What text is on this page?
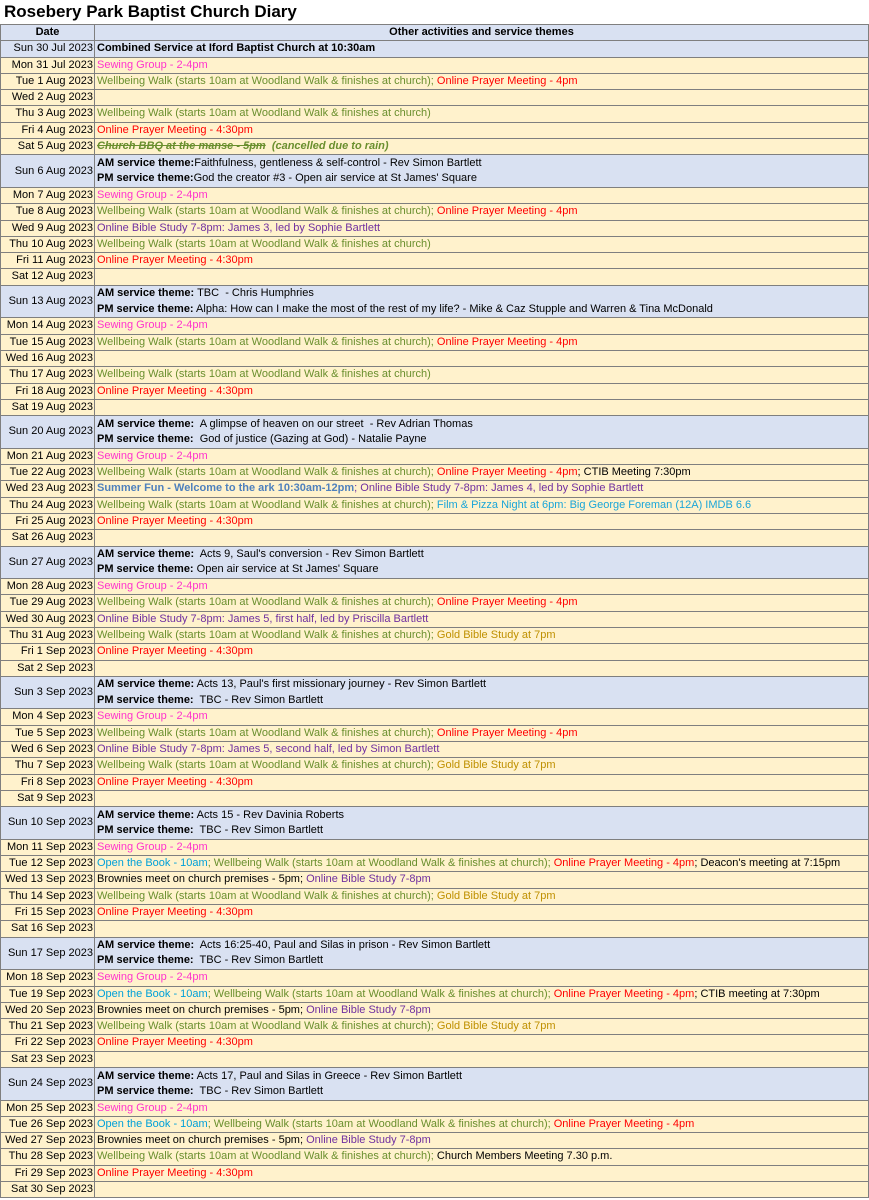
Rosebery Park Baptist Church Diary
Date	Other activities and service themes
Sun 30 Jul 2023	Combined Service at Iford Baptist Church at 10:30am
Mon 31 Jul 2023	Sewing Group - 2-4pm
Tue 1 Aug 2023	Wellbeing Walk (starts 10am at Woodland Walk & finishes at church); Online Prayer Meeting - 4pm
Wed 2 Aug 2023	
Thu 3 Aug 2023	Wellbeing Walk (starts 10am at Woodland Walk & finishes at church)
Fri 4 Aug 2023	Online Prayer Meeting - 4:30pm
Sat 5 Aug 2023	Church BBQ at the manse - 5pm  (cancelled due to rain)
Sun 6 Aug 2023	AM service theme:Faithfulness, gentleness & self-control - Rev Simon Bartlett
PM service theme:God the creator #3 - Open air service at St James' Square

Mon 7 Aug 2023	Sewing Group - 2-4pm
Tue 8 Aug 2023	Wellbeing Walk (starts 10am at Woodland Walk & finishes at church); Online Prayer Meeting - 4pm
Wed 9 Aug 2023	Online Bible Study 7-8pm: James 3, led by Sophie Bartlett
Thu 10 Aug 2023	Wellbeing Walk (starts 10am at Woodland Walk & finishes at church)
Fri 11 Aug 2023	Online Prayer Meeting - 4:30pm
Sat 12 Aug 2023	
Sun 13 Aug 2023	AM service theme: TBC  - Chris Humphries
PM service theme: Alpha: How can I make the most of the rest of my life? - Mike & Caz Stupple and Warren & Tina McDonald

Mon 14 Aug 2023	Sewing Group - 2-4pm
Tue 15 Aug 2023	Wellbeing Walk (starts 10am at Woodland Walk & finishes at church); Online Prayer Meeting - 4pm
Wed 16 Aug 2023	
Thu 17 Aug 2023	Wellbeing Walk (starts 10am at Woodland Walk & finishes at church)
Fri 18 Aug 2023	Online Prayer Meeting - 4:30pm
Sat 19 Aug 2023	
Sun 20 Aug 2023	AM service theme:  A glimpse of heaven on our street  - Rev Adrian Thomas
PM service theme:  God of justice (Gazing at God) - Natalie Payne

Mon 21 Aug 2023	Sewing Group - 2-4pm
Tue 22 Aug 2023	Wellbeing Walk (starts 10am at Woodland Walk & finishes at church); Online Prayer Meeting - 4pm; CTIB Meeting 7:30pm
Wed 23 Aug 2023	Summer Fun - Welcome to the ark 10:30am-12pm; Online Bible Study 7-8pm: James 4, led by Sophie Bartlett
Thu 24 Aug 2023	Wellbeing Walk (starts 10am at Woodland Walk & finishes at church); Film & Pizza Night at 6pm: Big George Foreman (12A) IMDB 6.6
Fri 25 Aug 2023	Online Prayer Meeting - 4:30pm
Sat 26 Aug 2023	
Sun 27 Aug 2023	AM service theme:  Acts 9, Saul's conversion - Rev Simon Bartlett
PM service theme: Open air service at St James' Square

Mon 28 Aug 2023	Sewing Group - 2-4pm
Tue 29 Aug 2023	Wellbeing Walk (starts 10am at Woodland Walk & finishes at church); Online Prayer Meeting - 4pm
Wed 30 Aug 2023	Online Bible Study 7-8pm: James 5, first half, led by Priscilla Bartlett
Thu 31 Aug 2023	Wellbeing Walk (starts 10am at Woodland Walk & finishes at church); Gold Bible Study at 7pm
Fri 1 Sep 2023	Online Prayer Meeting - 4:30pm
Sat 2 Sep 2023	
Sun 3 Sep 2023	AM service theme: Acts 13, Paul's first missionary journey - Rev Simon Bartlett
PM service theme:  TBC - Rev Simon Bartlett

Mon 4 Sep 2023	Sewing Group - 2-4pm
Tue 5 Sep 2023	Wellbeing Walk (starts 10am at Woodland Walk & finishes at church); Online Prayer Meeting - 4pm
Wed 6 Sep 2023	Online Bible Study 7-8pm: James 5, second half, led by Simon Bartlett
Thu 7 Sep 2023	Wellbeing Walk (starts 10am at Woodland Walk & finishes at church); Gold Bible Study at 7pm
Fri 8 Sep 2023	Online Prayer Meeting - 4:30pm
Sat 9 Sep 2023	
Sun 10 Sep 2023	AM service theme: Acts 15 - Rev Davinia Roberts
PM service theme:  TBC - Rev Simon Bartlett

Mon 11 Sep 2023	Sewing Group - 2-4pm
Tue 12 Sep 2023	Open the Book - 10am; Wellbeing Walk (starts 10am at Woodland Walk & finishes at church); Online Prayer Meeting - 4pm; Deacon's meeting at 7:15pm
Wed 13 Sep 2023	Brownies meet on church premises - 5pm; Online Bible Study 7-8pm
Thu 14 Sep 2023	Wellbeing Walk (starts 10am at Woodland Walk & finishes at church); Gold Bible Study at 7pm
Fri 15 Sep 2023	Online Prayer Meeting - 4:30pm
Sat 16 Sep 2023	
Sun 17 Sep 2023	AM service theme:  Acts 16:25-40, Paul and Silas in prison - Rev Simon Bartlett
PM service theme:  TBC - Rev Simon Bartlett

Mon 18 Sep 2023	Sewing Group - 2-4pm
Tue 19 Sep 2023	Open the Book - 10am; Wellbeing Walk (starts 10am at Woodland Walk & finishes at church); Online Prayer Meeting - 4pm; CTIB meeting at 7:30pm
Wed 20 Sep 2023	Brownies meet on church premises - 5pm; Online Bible Study 7-8pm
Thu 21 Sep 2023	Wellbeing Walk (starts 10am at Woodland Walk & finishes at church); Gold Bible Study at 7pm
Fri 22 Sep 2023	Online Prayer Meeting - 4:30pm
Sat 23 Sep 2023	
Sun 24 Sep 2023	AM service theme: Acts 17, Paul and Silas in Greece - Rev Simon Bartlett
PM service theme:  TBC - Rev Simon Bartlett

Mon 25 Sep 2023	Sewing Group - 2-4pm
Tue 26 Sep 2023	Open the Book - 10am; Wellbeing Walk (starts 10am at Woodland Walk & finishes at church); Online Prayer Meeting - 4pm
Wed 27 Sep 2023	Brownies meet on church premises - 5pm; Online Bible Study 7-8pm
Thu 28 Sep 2023	Wellbeing Walk (starts 10am at Woodland Walk & finishes at church); Church Members Meeting 7.30 p.m.
Fri 29 Sep 2023	Online Prayer Meeting - 4:30pm
Sat 30 Sep 2023	
